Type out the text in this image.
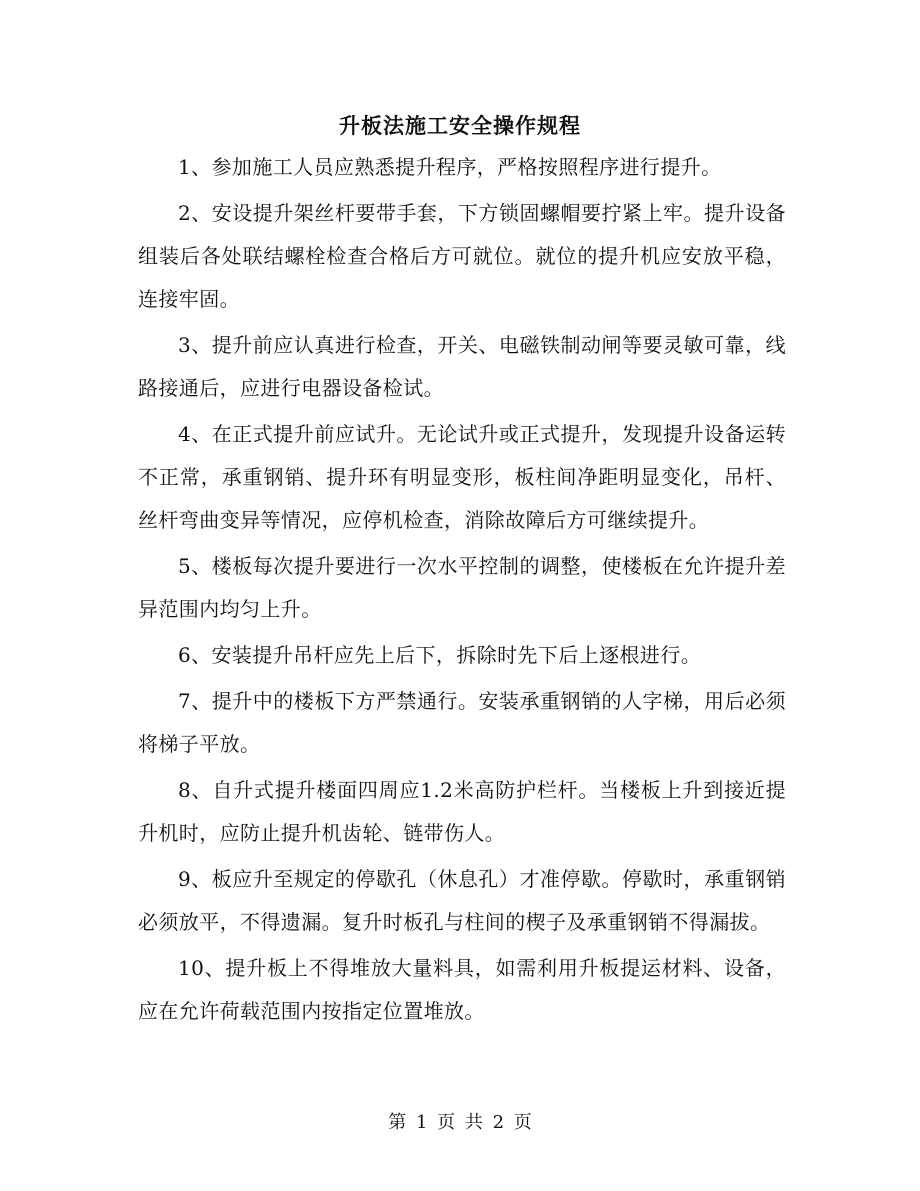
升板法施工安全操作规程

1、参加施工人员应熟悉提升程序，严格按照程序进行提升。

2、安设提升架丝杆要带手套，下方锁固螺帽要拧紧上牢。提升设备组装后各处联结螺栓检查合格后方可就位。就位的提升机应安放平稳，连接牢固。

3、提升前应认真进行检查，开关、电磁铁制动闸等要灵敏可靠，线路接通后，应进行电器设备检试。

4、在正式提升前应试升。无论试升或正式提升，发现提升设备运转不正常，承重钢销、提升环有明显变形，板柱间净距明显变化，吊杆、丝杆弯曲变异等情况，应停机检查，消除故障后方可继续提升。

5、楼板每次提升要进行一次水平控制的调整，使楼板在允许提升差异范围内均匀上升。

6、安装提升吊杆应先上后下，拆除时先下后上逐根进行。

7、提升中的楼板下方严禁通行。安装承重钢销的人字梯，用后必须将梯子平放。

8、自升式提升楼面四周应1.2米高防护栏杆。当楼板上升到接近提升机时，应防止提升机齿轮、链带伤人。

9、板应升至规定的停歇孔（休息孔）才准停歇。停歇时，承重钢销必须放平，不得遗漏。复升时板孔与柱间的楔子及承重钢销不得漏拔。

10、提升板上不得堆放大量料具，如需利用升板提运材料、设备，应在允许荷载范围内按指定位置堆放。

第 1 页 共 2 页
